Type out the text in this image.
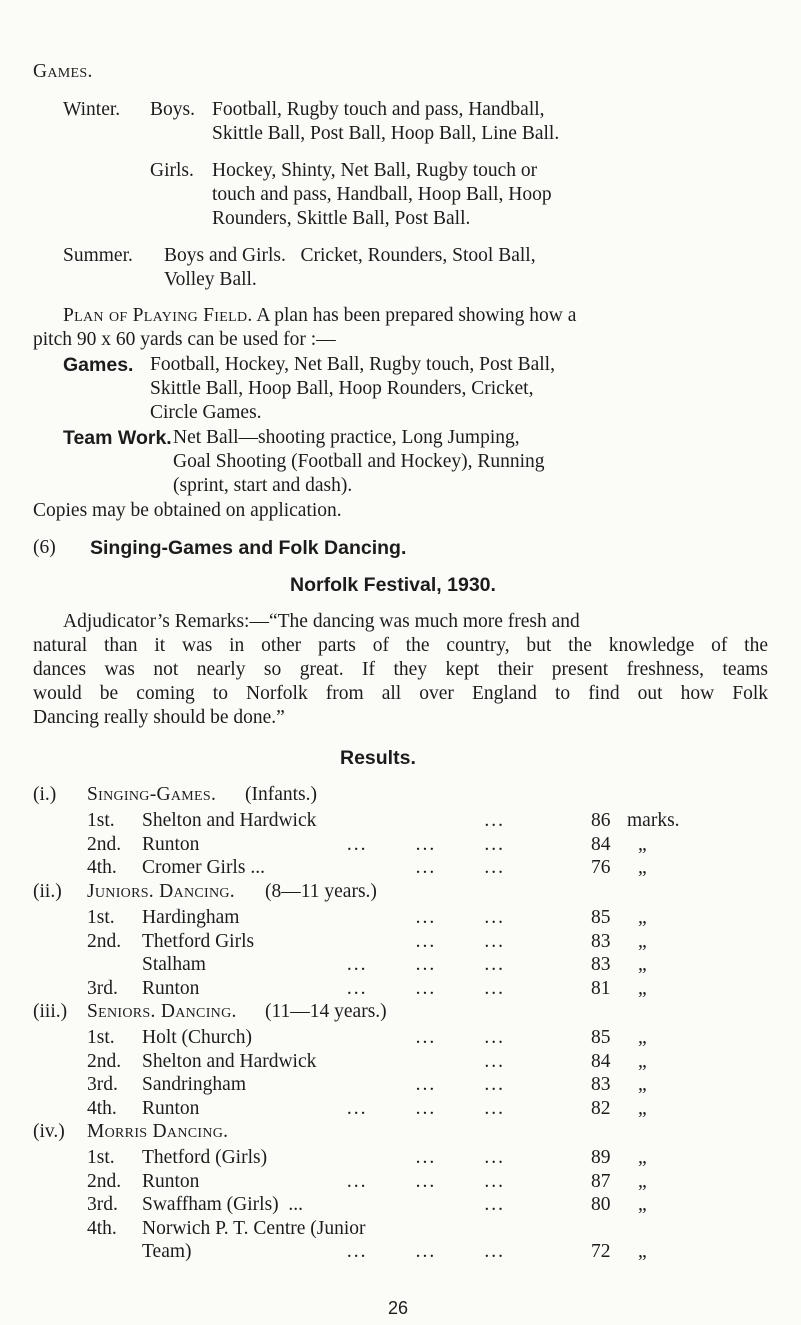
Games.
Winter. Boys. Football, Rugby touch and pass, Handball,
Skittle Ball, Post Ball, Hoop Ball, Line Ball.
Girls. Hockey, Shinty, Net Ball, Rugby touch or
touch and pass, Handball, Hoop Ball, Hoop
Rounders, Skittle Ball, Post Ball.
Summer. Boys and Girls.   Cricket, Rounders, Stool Ball,
Volley Ball.
Plan of Playing Field. A plan has been prepared showing how a
pitch 90 x 60 yards can be used for :—
Games. Football, Hockey, Net Ball, Rugby touch, Post Ball,
Skittle Ball, Hoop Ball, Hoop Rounders, Cricket,
Circle Games.
Team Work. Net Ball—shooting practice, Long Jumping,
Goal Shooting (Football and Hockey), Running
(sprint, start and dash).
Copies may be obtained on application.
(6) Singing-Games and Folk Dancing.
Norfolk Festival, 1930.
Adjudicator’s Remarks:—“The dancing was much more fresh and
natural than it was in other parts of the country, but the knowledge of the
dances was not nearly so great. If they kept their present freshness, teams
would be coming to Norfolk from all over England to find out how Folk
Dancing really should be done.”
Results.
(i.) Singing-Games. (Infants.)
1st. Shelton and Hardwick	...	86 marks.
2nd. Runton	...       ...       ...	84 „
4th. Cromer Girls ...	...       ...	76 „
(ii.) Juniors. Dancing. (8—11 years.)
1st. Hardingham	...       ...	85 „
2nd. Thetford Girls	...       ...	83 „
Stalham	...       ...       ...	83 „
3rd. Runton	...       ...       ...	81 „
(iii.) Seniors. Dancing. (11—14 years.)
1st. Holt (Church)	...       ...	85 „
2nd. Shelton and Hardwick	...	84 „
3rd. Sandringham	...       ...	83 „
4th. Runton	...       ...       ...	82 „
(iv.) Morris Dancing.
1st. Thetford (Girls)	...       ...	89 „
2nd. Runton	...       ...       ...	87 „
3rd. Swaffham (Girls)  ...	...	80 „
4th. Norwich P. T. Centre (Junior
Team)	...       ...       ...	72 „
26
